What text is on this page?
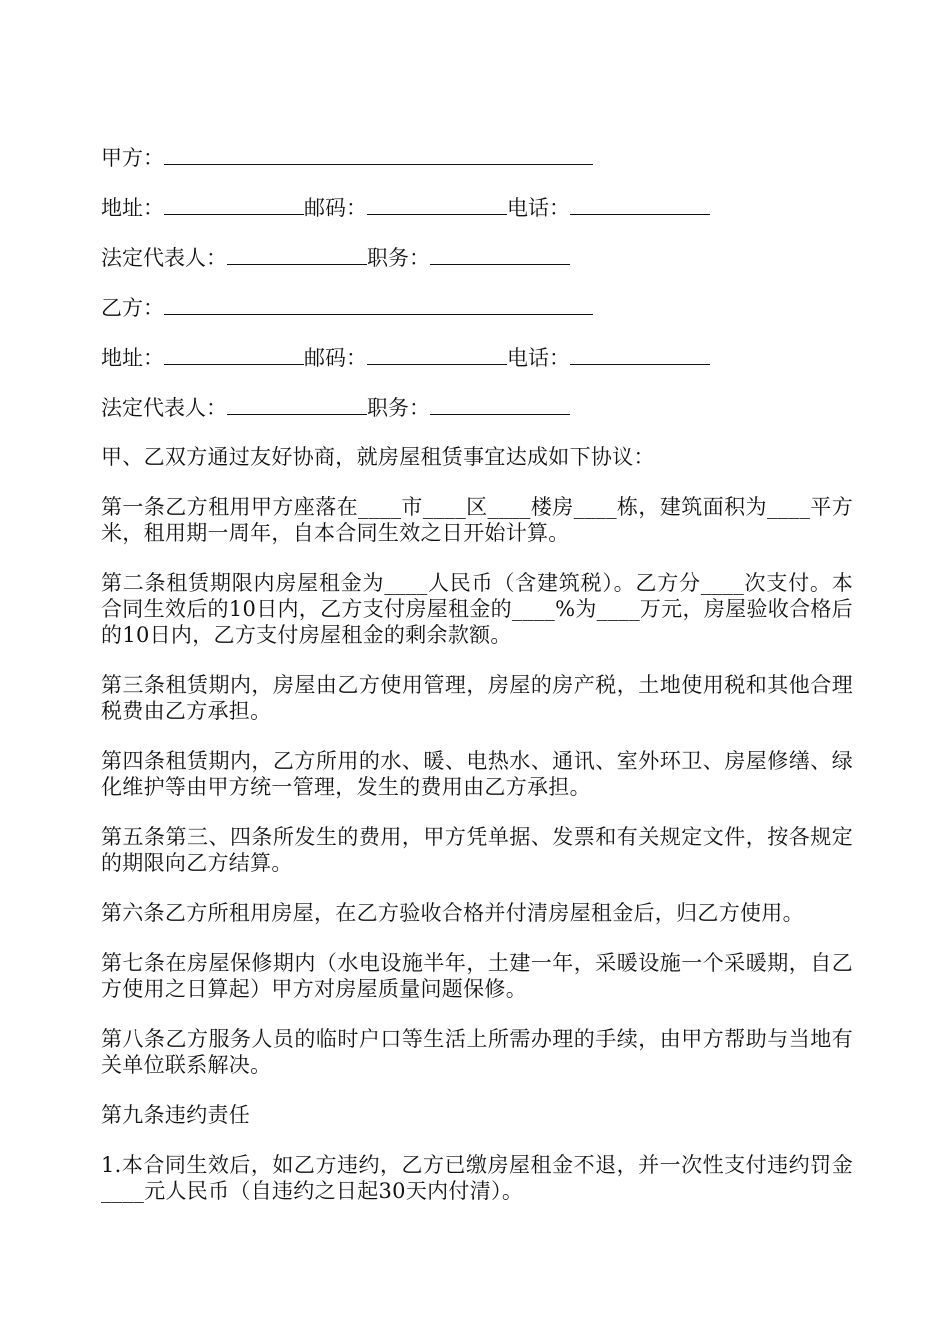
甲方：
地址：	邮码：	电话：
法定代表人：	职务：
乙方：
地址：	邮码：	电话：
法定代表人：	职务：

甲、乙双方通过友好协商，就房屋租赁事宜达成如下协议：

第一条乙方租用甲方座落在____市____区____楼房____栋，建筑面积为____平方米，租用期一周年，自本合同生效之日开始计算。

第二条租赁期限内房屋租金为____人民币（含建筑税）。乙方分____次支付。本合同生效后的10日内，乙方支付房屋租金的____%为____万元，房屋验收合格后的10日内，乙方支付房屋租金的剩余款额。

第三条租赁期内，房屋由乙方使用管理，房屋的房产税，土地使用税和其他合理税费由乙方承担。

第四条租赁期内，乙方所用的水、暖、电热水、通讯、室外环卫、房屋修缮、绿化维护等由甲方统一管理，发生的费用由乙方承担。

第五条第三、四条所发生的费用，甲方凭单据、发票和有关规定文件，按各规定的期限向乙方结算。

第六条乙方所租用房屋，在乙方验收合格并付清房屋租金后，归乙方使用。

第七条在房屋保修期内（水电设施半年，土建一年，采暖设施一个采暖期，自乙方使用之日算起）甲方对房屋质量问题保修。

第八条乙方服务人员的临时户口等生活上所需办理的手续，由甲方帮助与当地有关单位联系解决。

第九条违约责任

1.本合同生效后，如乙方违约，乙方已缴房屋租金不退，并一次性支付违约罚金____元人民币（自违约之日起30天内付清）。
